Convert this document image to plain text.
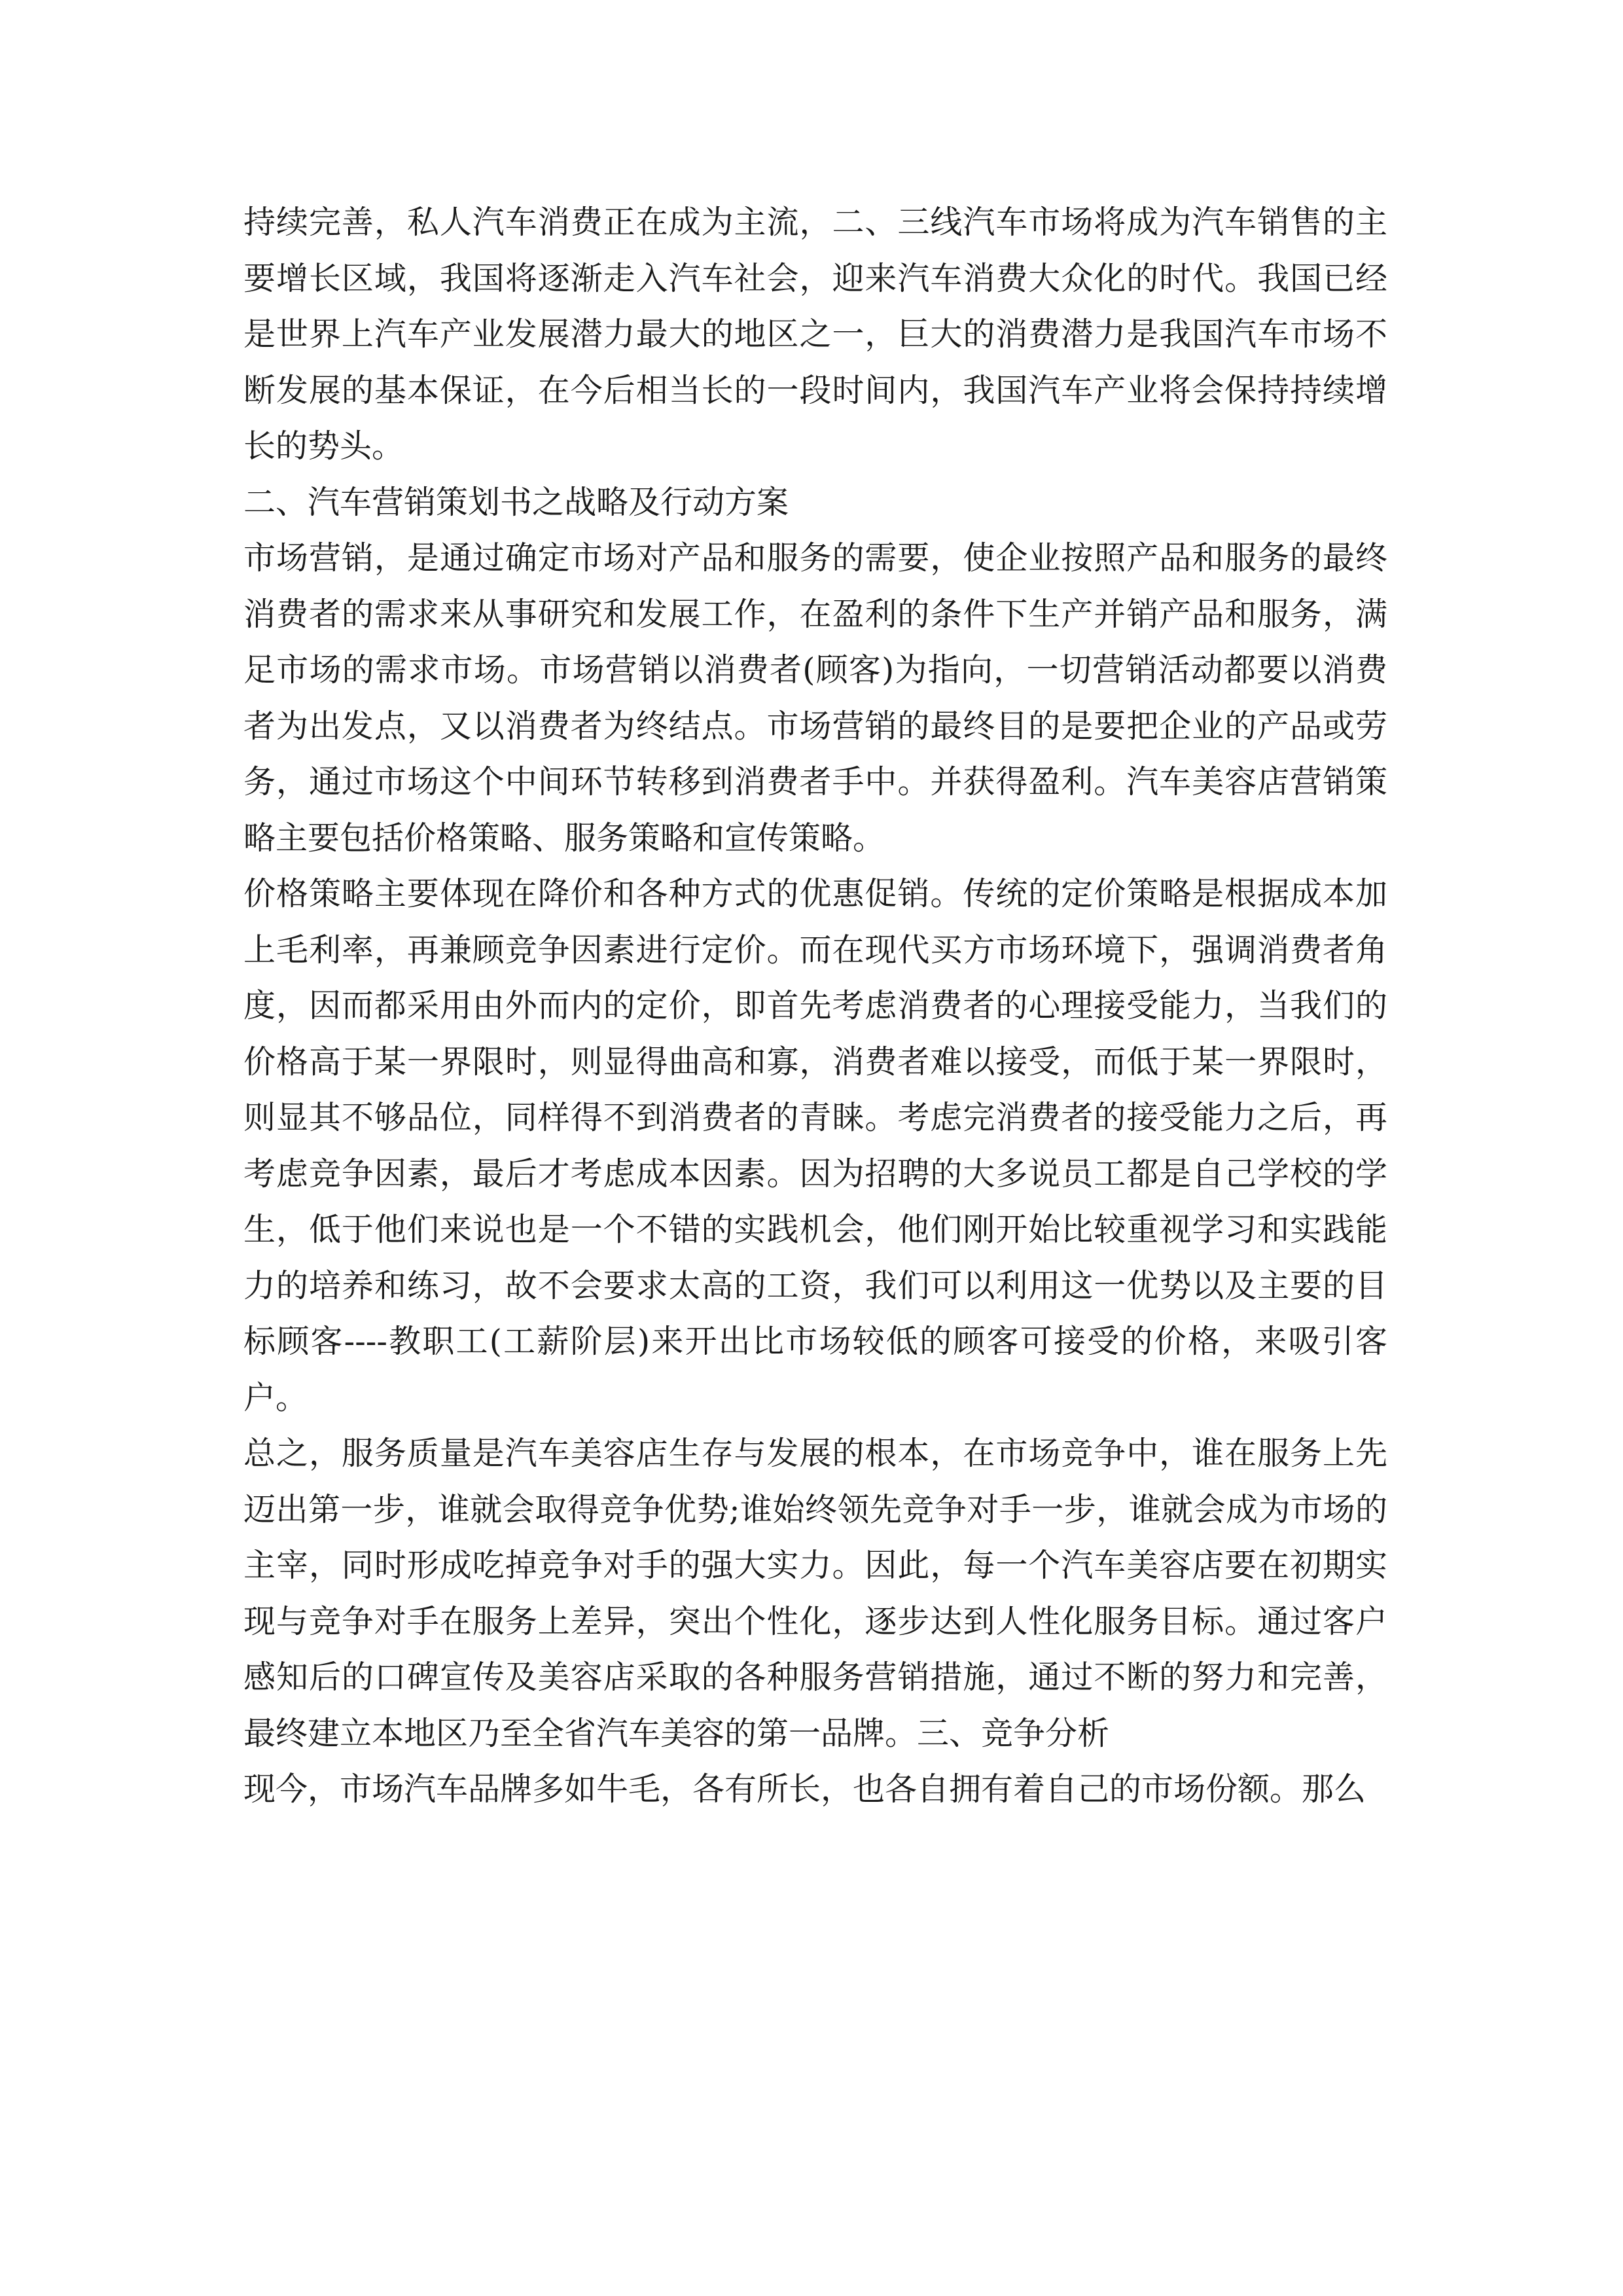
持续完善，私人汽车消费正在成为主流，二、三线汽车市场将成为汽车销售的主要增长区域，我国将逐渐走入汽车社会，迎来汽车消费大众化的时代。我国已经是世界上汽车产业发展潜力最大的地区之一，巨大的消费潜力是我国汽车市场不断发展的基本保证，在今后相当长的一段时间内，我国汽车产业将会保持持续增长的势头。

二、汽车营销策划书之战略及行动方案

市场营销，是通过确定市场对产品和服务的需要，使企业按照产品和服务的最终消费者的需求来从事研究和发展工作，在盈利的条件下生产并销产品和服务，满足市场的需求市场。市场营销以消费者(顾客)为指向，一切营销活动都要以消费者为出发点，又以消费者为终结点。市场营销的最终目的是要把企业的产品或劳务，通过市场这个中间环节转移到消费者手中。并获得盈利。汽车美容店营销策略主要包括价格策略、服务策略和宣传策略。

价格策略主要体现在降价和各种方式的优惠促销。传统的定价策略是根据成本加上毛利率，再兼顾竞争因素进行定价。而在现代买方市场环境下，强调消费者角度，因而都采用由外而内的定价，即首先考虑消费者的心理接受能力，当我们的价格高于某一界限时，则显得曲高和寡，消费者难以接受，而低于某一界限时，则显其不够品位，同样得不到消费者的青睐。考虑完消费者的接受能力之后，再考虑竞争因素，最后才考虑成本因素。因为招聘的大多说员工都是自己学校的学生，低于他们来说也是一个不错的实践机会，他们刚开始比较重视学习和实践能力的培养和练习，故不会要求太高的工资，我们可以利用这一优势以及主要的目标顾客----教职工(工薪阶层)来开出比市场较低的顾客可接受的价格，来吸引客户。

总之，服务质量是汽车美容店生存与发展的根本，在市场竞争中，谁在服务上先迈出第一步，谁就会取得竞争优势;谁始终领先竞争对手一步，谁就会成为市场的主宰，同时形成吃掉竞争对手的强大实力。因此，每一个汽车美容店要在初期实现与竞争对手在服务上差异，突出个性化，逐步达到人性化服务目标。通过客户感知后的口碑宣传及美容店采取的各种服务营销措施，通过不断的努力和完善，最终建立本地区乃至全省汽车美容的第一品牌。三、竞争分析

现今，市场汽车品牌多如牛毛，各有所长，也各自拥有着自己的市场份额。那么
